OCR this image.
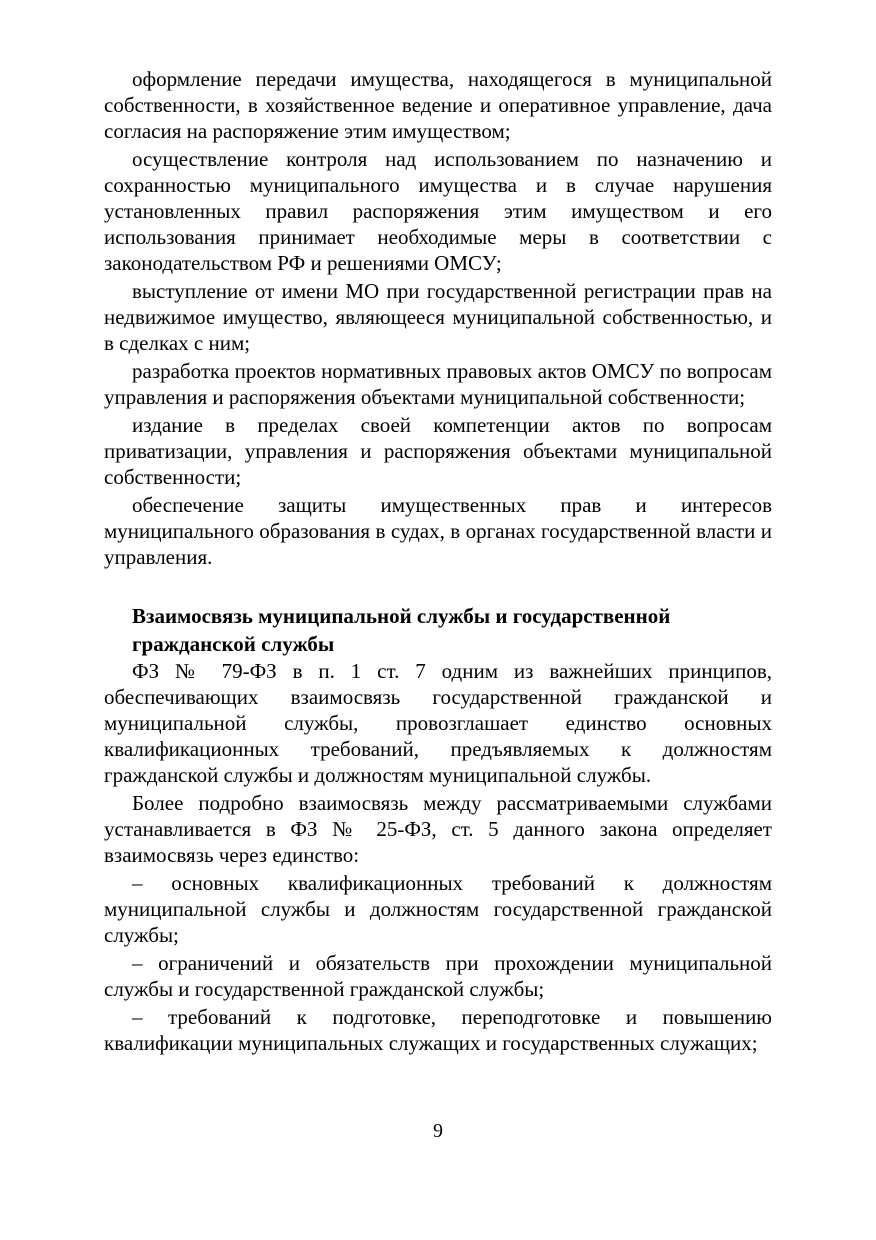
оформление передачи имущества, находящегося в муниципальной собственности, в хозяйственное ведение и оперативное управление, дача согласия на распоряжение этим имуществом;

осуществление контроля над использованием по назначению и сохранностью муниципального имущества и в случае нарушения установленных правил распоряжения этим имуществом и его использования принимает необходимые меры в соответствии с законодательством РФ и решениями ОМСУ;

выступление от имени МО при государственной регистрации прав на недвижимое имущество, являющееся муниципальной собственностью, и в сделках с ним;

разработка проектов нормативных правовых актов ОМСУ по вопросам управления и распоряжения объектами муниципальной собственности;

издание в пределах своей компетенции актов по вопросам приватизации, управления и распоряжения объектами муниципальной собственности;

обеспечение защиты имущественных прав и интересов муниципального образования в судах, в органах государственной власти и управления.

Взаимосвязь муниципальной службы и государственной гражданской службы

ФЗ № 79-ФЗ в п. 1 ст. 7 одним из важнейших принципов, обеспечивающих взаимосвязь государственной гражданской и муниципальной службы, провозглашает единство основных квалификационных требований, предъявляемых к должностям гражданской службы и должностям муниципальной службы.

Более подробно взаимосвязь между рассматриваемыми службами устанавливается в ФЗ № 25-ФЗ, ст. 5 данного закона определяет взаимосвязь через единство:

– основных квалификационных требований к должностям муниципальной службы и должностям государственной гражданской службы;

– ограничений и обязательств при прохождении муниципальной службы и государственной гражданской службы;

– требований к подготовке, переподготовке и повышению квалификации муниципальных служащих и государственных служащих;

9
